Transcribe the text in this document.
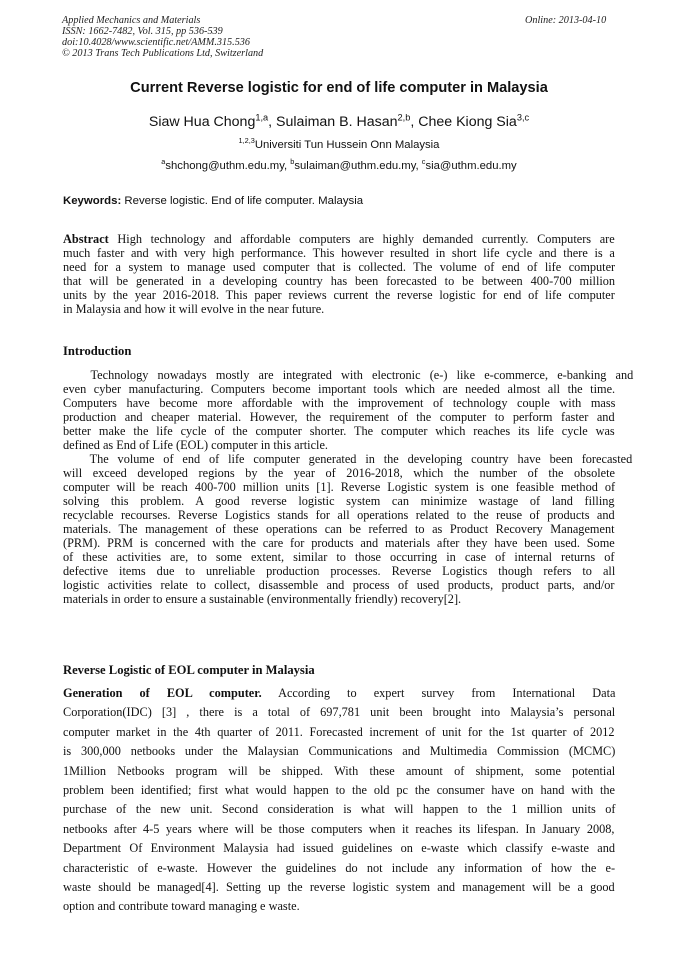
Applied Mechanics and Materials
ISSN: 1662-7482, Vol. 315, pp 536-539
doi:10.4028/www.scientific.net/AMM.315.536
© 2013 Trans Tech Publications Ltd, Switzerland
Online: 2013-04-10
Current Reverse logistic for end of life computer in Malaysia
Siaw Hua Chong$^{1,a}$, Sulaiman B. Hasan$^{2,b}$, Chee Kiong Sia$^{3,c}$
$^{1,2,3}$Universiti Tun Hussein Onn Malaysia
$^a$shchong@uthm.edu.my, $^b$sulaiman@uthm.edu.my, $^c$sia@uthm.edu.my
Keywords: Reverse logistic. End of life computer. Malaysia
Abstract High technology and affordable computers are highly demanded currently. Computers are
much faster and with very high performance. This however resulted in short life cycle and there is a
need for a system to manage used computer that is collected. The volume of end of life computer
that will be generated in a developing country has been forecasted to be between 400-700 million
units by the year 2016-2018. This paper reviews current the reverse logistic for end of life computer
in Malaysia and how it will evolve in the near future.
Introduction
Technology nowadays mostly are integrated with electronic (e-) like e-commerce, e-banking and
even cyber manufacturing. Computers become important tools which are needed almost all the time.
Computers have become more affordable with the improvement of technology couple with mass
production and cheaper material. However, the requirement of the computer to perform faster and
better make the life cycle of the computer shorter. The computer which reaches its life cycle was
defined as End of Life (EOL) computer in this article.
The volume of end of life computer generated in the developing country have been forecasted
will exceed developed regions by the year of 2016-2018, which the number of the obsolete
computer will be reach 400-700 million units [1]. Reverse Logistic system is one feasible method of
solving this problem. A good reverse logistic system can minimize wastage of land filling
recyclable recourses. Reverse Logistics stands for all operations related to the reuse of products and
materials. The management of these operations can be referred to as Product Recovery Management
(PRM). PRM is concerned with the care for products and materials after they have been used. Some
of these activities are, to some extent, similar to those occurring in case of internal returns of
defective items due to unreliable production processes. Reverse Logistics though refers to all
logistic activities relate to collect, disassemble and process of used products, product parts, and/or
materials in order to ensure a sustainable (environmentally friendly) recovery[2].
Reverse Logistic of EOL computer in Malaysia
Generation of EOL computer. According to expert survey from International Data
Corporation(IDC) [3] , there is a total of 697,781 unit been brought into Malaysia’s personal
computer market in the 4th quarter of 2011. Forecasted increment of unit for the 1st quarter of 2012
is 300,000 netbooks under the Malaysian Communications and Multimedia Commission (MCMC)
1Million Netbooks program will be shipped. With these amount of shipment, some potential
problem been identified; first what would happen to the old pc the consumer have on hand with the
purchase of the new unit. Second consideration is what will happen to the 1 million units of
netbooks after 4-5 years where will be those computers when it reaches its lifespan. In January 2008,
Department Of Environment Malaysia had issued guidelines on e-waste which classify e-waste and
characteristic of e-waste. However the guidelines do not include any information of how the e-
waste should be managed[4]. Setting up the reverse logistic system and management will be a good
option and contribute toward managing e waste.
